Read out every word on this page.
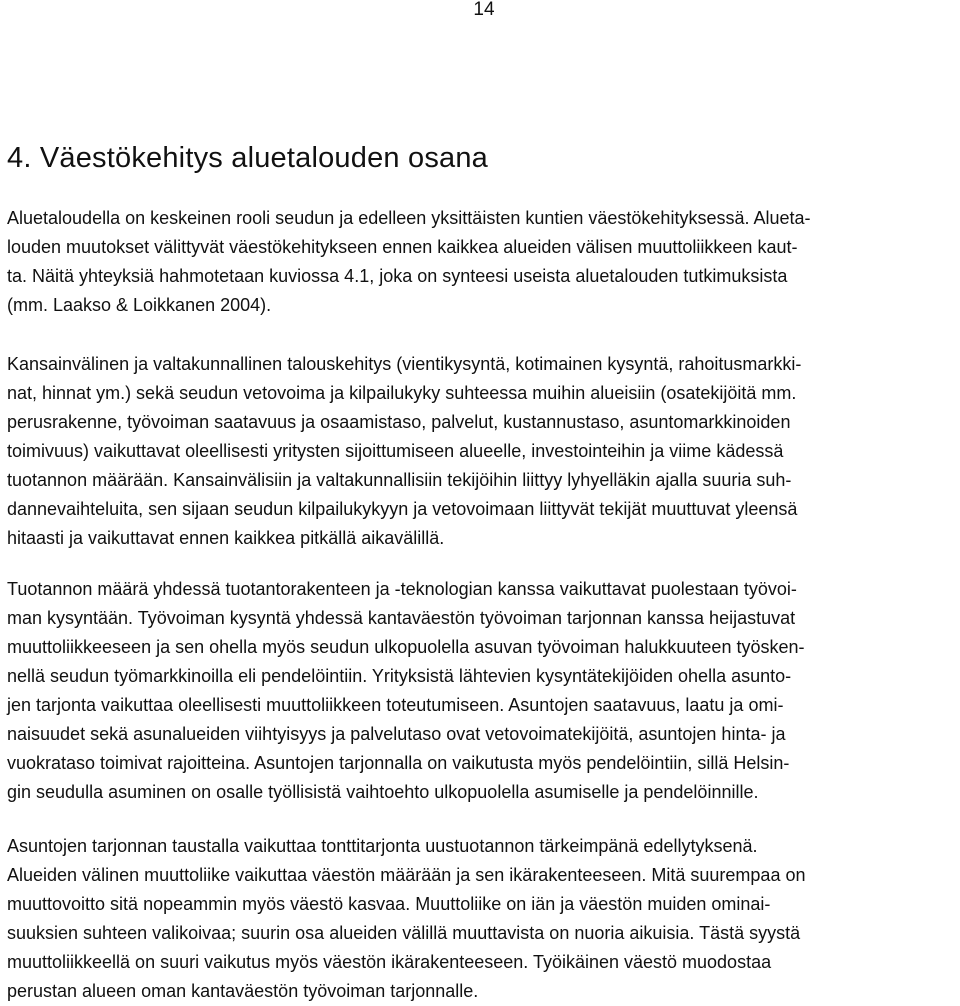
14
4. Väestökehitys aluetalouden osana

Aluetaloudella on keskeinen rooli seudun ja edelleen yksittäisten kuntien väestökehityksessä. Alueta-
louden muutokset välittyvät väestökehitykseen ennen kaikkea alueiden välisen muuttoliikkeen kaut-
ta. Näitä yhteyksiä hahmotetaan kuviossa 4.1, joka on synteesi useista aluetalouden tutkimuksista
(mm. Laakso & Loikkanen 2004).

Kansainvälinen ja valtakunnallinen talouskehitys (vientikysyntä, kotimainen kysyntä, rahoitusmarkki-
nat, hinnat ym.) sekä seudun vetovoima ja kilpailukyky suhteessa muihin alueisiin (osatekijöitä mm.
perusrakenne, työvoiman saatavuus ja osaamistaso, palvelut, kustannustaso, asuntomarkkinoiden
toimivuus) vaikuttavat oleellisesti yritysten sijoittumiseen alueelle, investointeihin ja viime kädessä
tuotannon määrään. Kansainvälisiin ja valtakunnallisiin tekijöihin liittyy lyhyelläkin ajalla suuria suh-
dannevaihteluita, sen sijaan seudun kilpailukykyyn ja vetovoimaan liittyvät tekijät muuttuvat yleensä
hitaasti ja vaikuttavat ennen kaikkea pitkällä aikavälillä.

Tuotannon määrä yhdessä tuotantorakenteen ja -teknologian kanssa vaikuttavat puolestaan työvoi-
man kysyntään. Työvoiman kysyntä yhdessä kantaväestön työvoiman tarjonnan kanssa heijastuvat
muuttoliikkeeseen ja sen ohella myös seudun ulkopuolella asuvan työvoiman halukkuuteen työsken-
nellä seudun työmarkkinoilla eli pendelöintiin. Yrityksistä lähtevien kysyntätekijöiden ohella asunto-
jen tarjonta vaikuttaa oleellisesti muuttoliikkeen toteutumiseen. Asuntojen saatavuus, laatu ja omi-
naisuudet sekä asunalueiden viihtyisyys ja palvelutaso ovat vetovoimatekijöitä, asuntojen hinta- ja
vuokrataso toimivat rajoitteina. Asuntojen tarjonnalla on vaikutusta myös pendelöintiin, sillä Helsin-
gin seudulla asuminen on osalle työllisistä vaihtoehto ulkopuolella asumiselle ja pendelöinnille.

Asuntojen tarjonnan taustalla vaikuttaa tonttitarjonta uustuotannon tärkeimpänä edellytyksenä.
Alueiden välinen muuttoliike vaikuttaa väestön määrään ja sen ikärakenteeseen. Mitä suurempaa on
muuttovoitto sitä nopeammin myös väestö kasvaa. Muuttoliike on iän ja väestön muiden ominai-
suuksien suhteen valikoivaa; suurin osa alueiden välillä muuttavista on nuoria aikuisia. Tästä syystä
muuttoliikkeellä on suuri vaikutus myös väestön ikärakenteeseen. Työikäinen väestö muodostaa
perustan alueen oman kantaväestön työvoiman tarjonnalle.
